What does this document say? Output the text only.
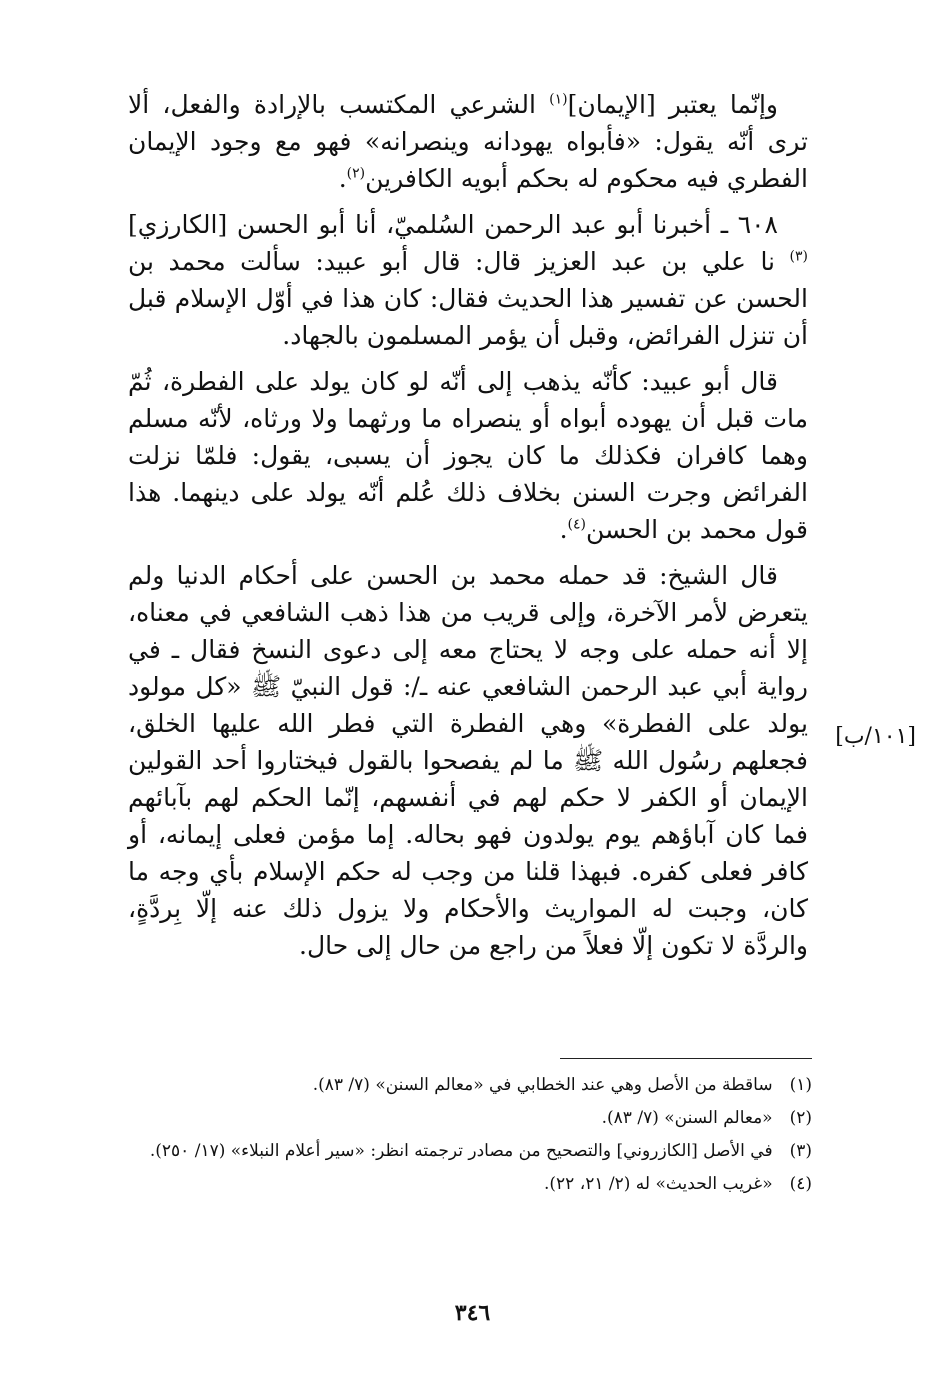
وإنّما يعتبر [الإيمان]$^{(١)}$ الشرعي المكتسب بالإرادة والفعل، ألا ترى أنّه يقول: «فأبواه يهودانه وينصرانه» فهو مع وجود الإيمان الفطري فيه محكوم له بحكم أبويه الكافرين$^{(٢)}$.

٦٠٨ ـ أخبرنا أبو عبد الرحمن السُلميّ، أنا أبو الحسن [الكارزي]$^{(٣)}$ نا علي بن عبد العزيز قال: قال أبو عبيد: سألت محمد بن الحسن عن تفسير هذا الحديث فقال: كان هذا في أوّل الإسلام قبل أن تنزل الفرائض، وقبل أن يؤمر المسلمون بالجهاد.

قال أبو عبيد: كأنّه يذهب إلى أنّه لو كان يولد على الفطرة، ثُمّ مات قبل أن يهوده أبواه أو ينصراه ما ورثهما ولا ورثاه، لأنّه مسلم وهما كافران فكذلك ما كان يجوز أن يسبى، يقول: فلمّا نزلت الفرائض وجرت السنن بخلاف ذلك عُلم أنّه يولد على دينهما. هذا قول محمد بن الحسن$^{(٤)}$.

قال الشيخ: قد حمله محمد بن الحسن على أحكام الدنيا ولم يتعرض لأمر الآخرة، وإلى قريب من هذا ذهب الشافعي في معناه، إلا أنه حمله على وجه لا يحتاج معه إلى دعوى النسخ فقال ـ في رواية أبي عبد الرحمن الشافعي عنه ـ/: قول النبيّ ﷺ «كل مولود يولد على الفطرة» وهي الفطرة التي فطر الله عليها الخلق، فجعلهم رسُول الله ﷺ ما لم يفصحوا بالقول فيختاروا أحد القولين الإيمان أو الكفر لا حكم لهم في أنفسهم، إنّما الحكم لهم بآبائهم فما كان آباؤهم يوم يولدون فهو بحاله. إما مؤمن فعلى إيمانه، أو كافر فعلى كفره. فبهذا قلنا من وجب له حكم الإسلام بأي وجه ما كان، وجبت له المواريث والأحكام ولا يزول ذلك عنه إلّا بِردَّةٍ، والردَّة لا تكون إلّا فعلاً من راجع من حال إلى حال.

[١٠١/ب]

(١) ساقطة من الأصل وهي عند الخطابي في «معالم السنن» (٧/ ٨٣).

(٢) «معالم السنن» (٧/ ٨٣).

(٣) في الأصل [الكازروني] والتصحيح من مصادر ترجمته انظر: «سير أعلام النبلاء» (١٧/ ٢٥٠).

(٤) «غريب الحديث» له (٢/ ٢١، ٢٢).

٣٤٦
